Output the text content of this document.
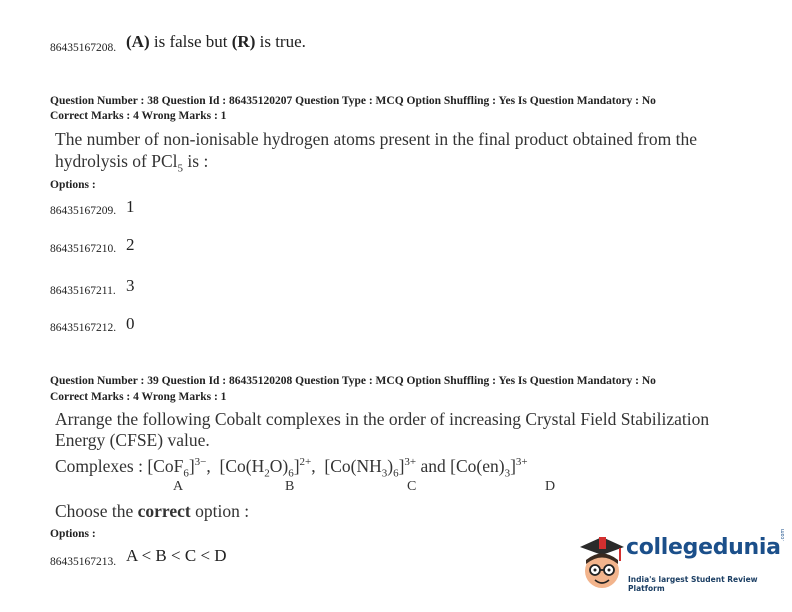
86435167208. (A) is false but (R) is true.
Question Number : 38 Question Id : 86435120207 Question Type : MCQ Option Shuffling : Yes Is Question Mandatory : No
Correct Marks : 4 Wrong Marks : 1
The number of non-ionisable hydrogen atoms present in the final product obtained from the
hydrolysis of PCl$_5$ is :
Options :
86435167209. 1
86435167210. 2
86435167211. 3
86435167212. 0
Question Number : 39 Question Id : 86435120208 Question Type : MCQ Option Shuffling : Yes Is Question Mandatory : No
Correct Marks : 4 Wrong Marks : 1
Arrange the following Cobalt complexes in the order of increasing Crystal Field Stabilization
Energy (CFSE) value.
Complexes : $[CoF_6]^{3-}$,  $[Co(H_2O)_6]^{2+}$,  $[Co(NH_3)_6]^{3+}$ and $[Co(en)_3]^{3+}$
A	B	C	D
Choose the correct option :
Options :
86435167213. A < B < C < D	collegedunia
.com
India's largest Student Review Platform
